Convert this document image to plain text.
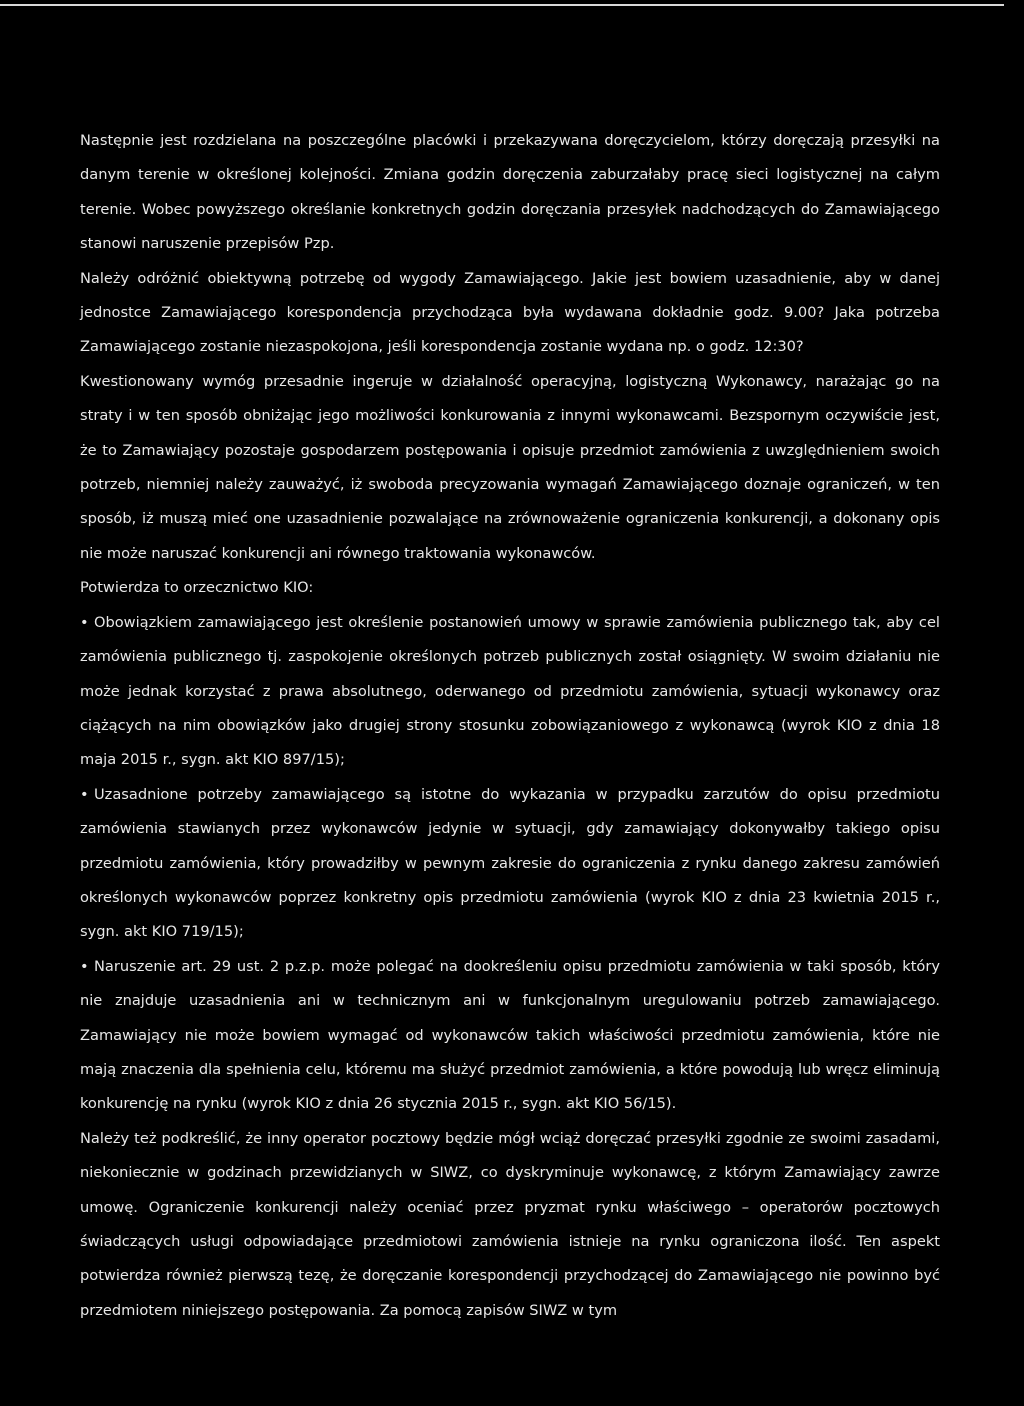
Następnie jest rozdzielana na poszczególne placówki i przekazywana doręczycielom, którzy doręczają przesyłki na danym terenie w określonej kolejności. Zmiana godzin doręczenia zaburzałaby pracę sieci logistycznej na całym terenie. Wobec powyższego określanie konkretnych godzin doręczania przesyłek nadchodzących do Zamawiającego stanowi naruszenie przepisów Pzp.

Należy odróżnić obiektywną potrzebę od wygody Zamawiającego. Jakie jest bowiem uzasadnienie, aby w danej jednostce Zamawiającego korespondencja przychodząca była wydawana dokładnie godz. 9.00? Jaka potrzeba Zamawiającego zostanie niezaspokojona, jeśli korespondencja zostanie wydana np. o godz. 12:30?

Kwestionowany wymóg przesadnie ingeruje w działalność operacyjną, logistyczną Wykonawcy, narażając go na straty i w ten sposób obniżając jego możliwości konkurowania z innymi wykonawcami. Bezspornym oczywiście jest, że to Zamawiający pozostaje gospodarzem postępowania i opisuje przedmiot zamówienia z uwzględnieniem swoich potrzeb, niemniej należy zauważyć, iż swoboda precyzowania wymagań Zamawiającego doznaje ograniczeń, w ten sposób, iż muszą mieć one uzasadnienie pozwalające na zrównoważenie ograniczenia konkurencji, a dokonany opis nie może naruszać konkurencji ani równego traktowania wykonawców.

Potwierdza to orzecznictwo KIO:

• Obowiązkiem zamawiającego jest określenie postanowień umowy w sprawie zamówienia publicznego tak, aby cel zamówienia publicznego tj. zaspokojenie określonych potrzeb publicznych został osiągnięty. W swoim działaniu nie może jednak korzystać z prawa absolutnego, oderwanego od przedmiotu zamówienia, sytuacji wykonawcy oraz ciążących na nim obowiązków jako drugiej strony stosunku zobowiązaniowego z wykonawcą (wyrok KIO z dnia 18 maja 2015 r., sygn. akt KIO 897/15);

• Uzasadnione potrzeby zamawiającego są istotne do wykazania w przypadku zarzutów do opisu przedmiotu zamówienia stawianych przez wykonawców jedynie w sytuacji, gdy zamawiający dokonywałby takiego opisu przedmiotu zamówienia, który prowadziłby w pewnym zakresie do ograniczenia z rynku danego zakresu zamówień określonych wykonawców poprzez konkretny opis przedmiotu zamówienia (wyrok KIO z dnia 23 kwietnia 2015 r., sygn. akt KIO 719/15);

• Naruszenie art. 29 ust. 2 p.z.p. może polegać na dookreśleniu opisu przedmiotu zamówienia w taki sposób, który nie znajduje uzasadnienia ani w technicznym ani w funkcjonalnym uregulowaniu potrzeb zamawiającego. Zamawiający nie może bowiem wymagać od wykonawców takich właściwości przedmiotu zamówienia, które nie mają znaczenia dla spełnienia celu, któremu ma służyć przedmiot zamówienia, a które powodują lub wręcz eliminują konkurencję na rynku (wyrok KIO z dnia 26 stycznia 2015 r., sygn. akt KIO 56/15).

Należy też podkreślić, że inny operator pocztowy będzie mógł wciąż doręczać przesyłki zgodnie ze swoimi zasadami, niekoniecznie w godzinach przewidzianych w SIWZ, co dyskryminuje wykonawcę, z którym Zamawiający zawrze umowę. Ograniczenie konkurencji należy oceniać przez pryzmat rynku właściwego – operatorów pocztowych świadczących usługi odpowiadające przedmiotowi zamówienia istnieje na rynku ograniczona ilość. Ten aspekt potwierdza również pierwszą tezę, że doręczanie korespondencji przychodzącej do Zamawiającego nie powinno być przedmiotem niniejszego postępowania. Za pomocą zapisów SIWZ w tym
